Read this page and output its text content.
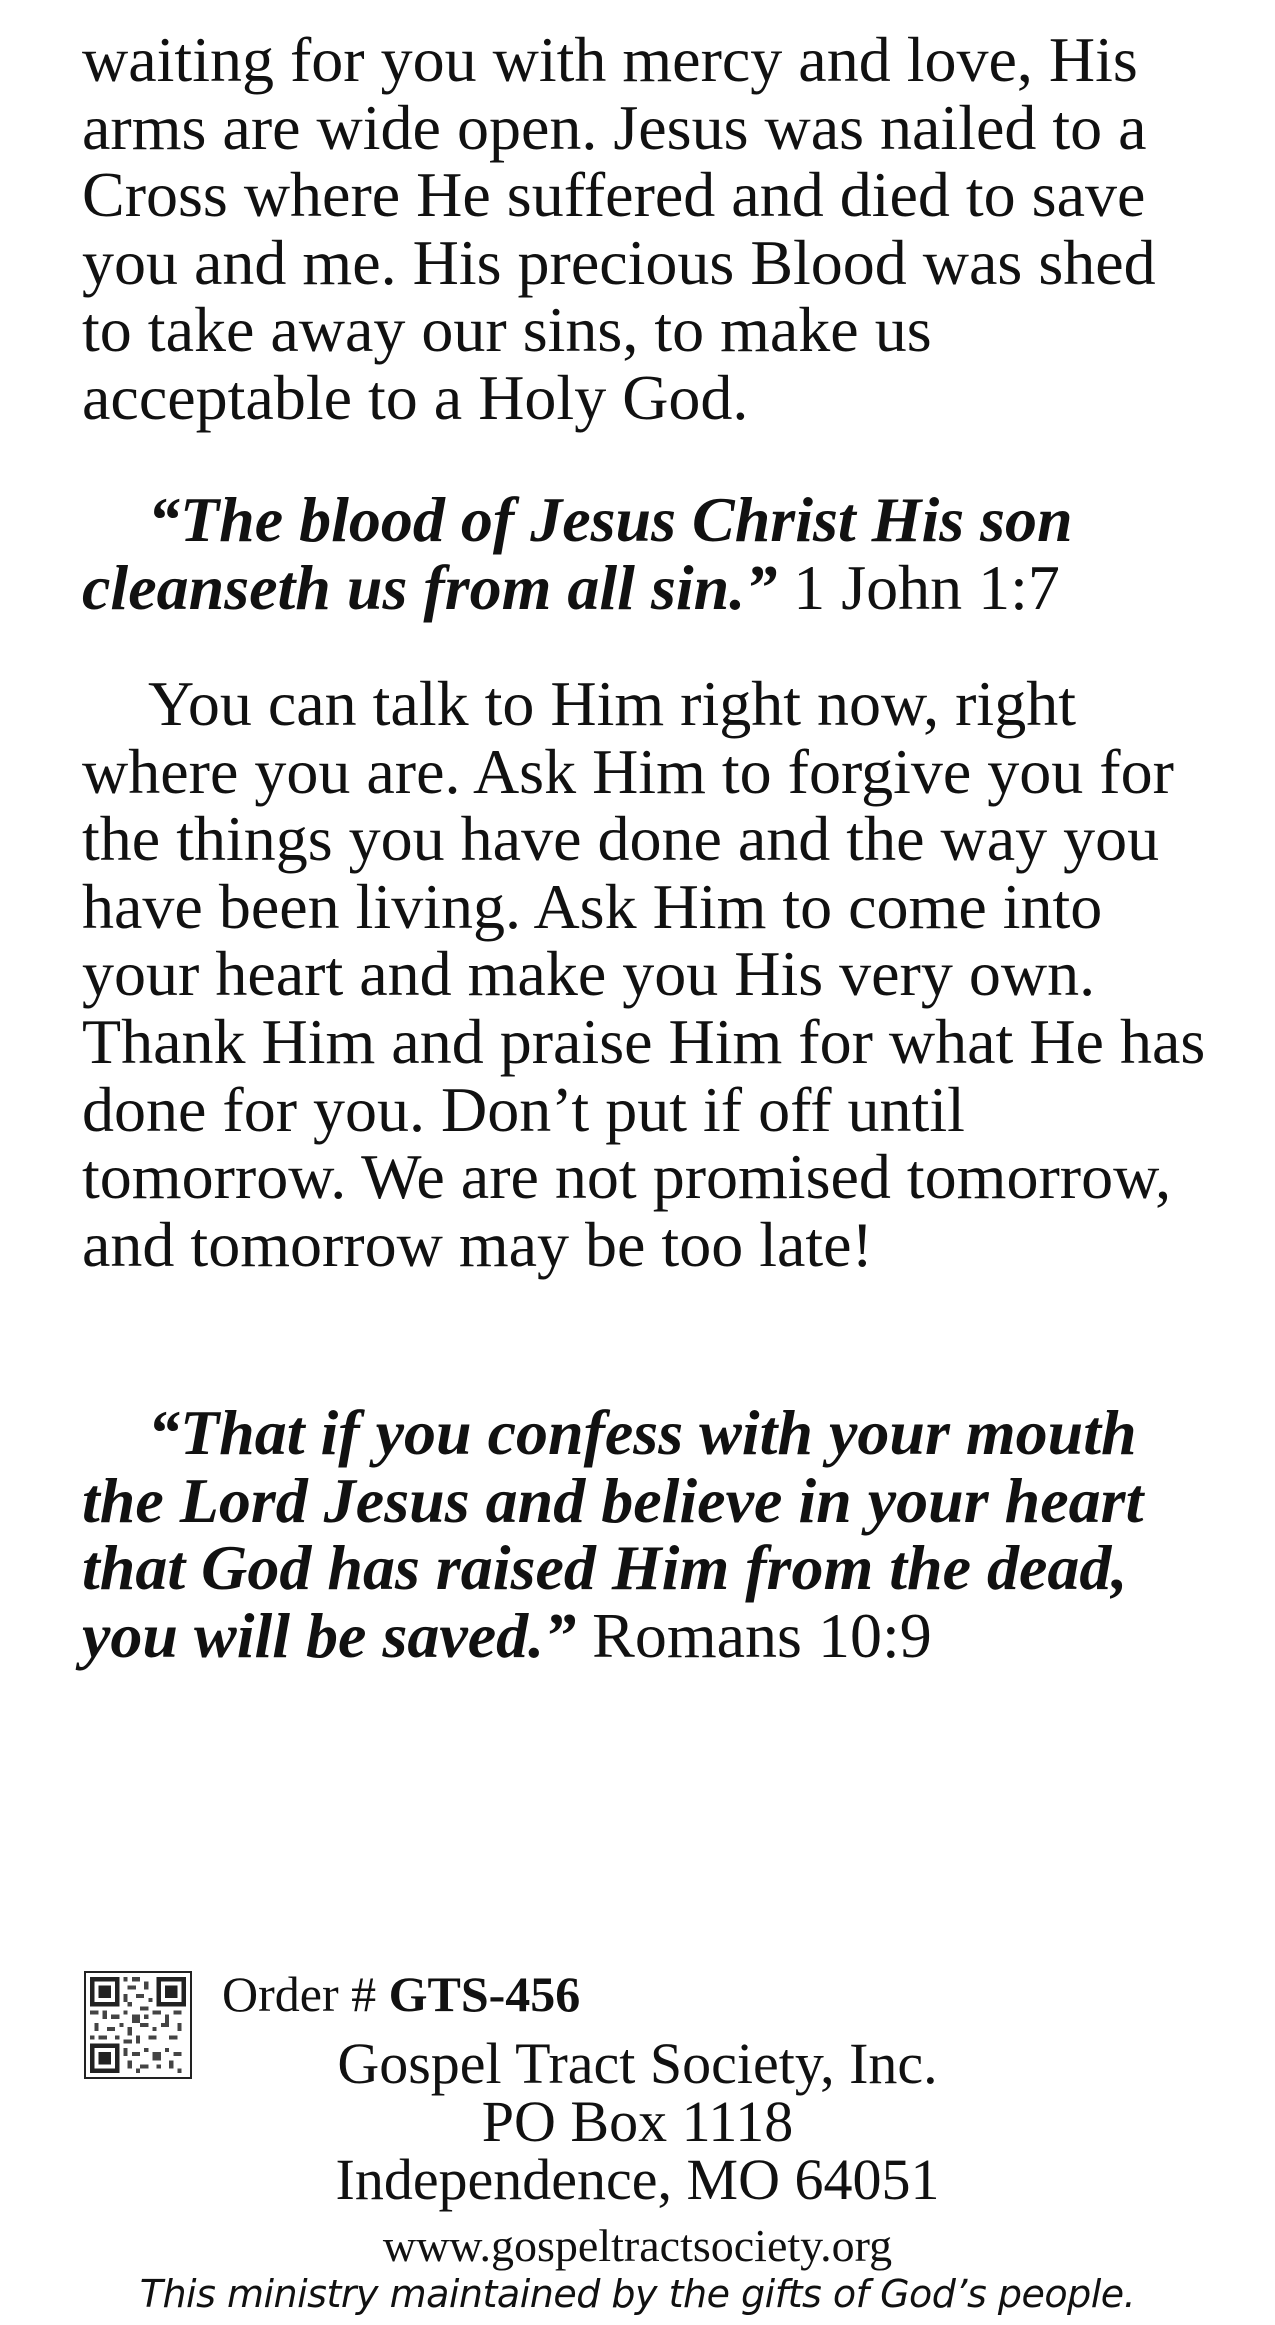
waiting for you with mercy and love, His arms are wide open. Jesus was nailed to a Cross where He suffered and died to save you and me. His precious Blood was shed to take away our sins, to make us acceptable to a Holy God.

“The blood of Jesus Christ His son cleanseth us from all sin.” 1 John 1:7

You can talk to Him right now, right where you are. Ask Him to forgive you for the things you have done and the way you have been living. Ask Him to come into your heart and make you His very own. Thank Him and praise Him for what He has done for you. Don’t put if off until tomorrow. We are not promised tomorrow, and tomorrow may be too late!

“That if you confess with your mouth the Lord Jesus and believe in your heart that God has raised Him from the dead, you will be saved.” Romans 10:9

Order # GTS-456
Gospel Tract Society, Inc.
PO Box 1118
Independence, MO 64051
www.gospeltractsociety.org
This ministry maintained by the gifts of God’s people.
